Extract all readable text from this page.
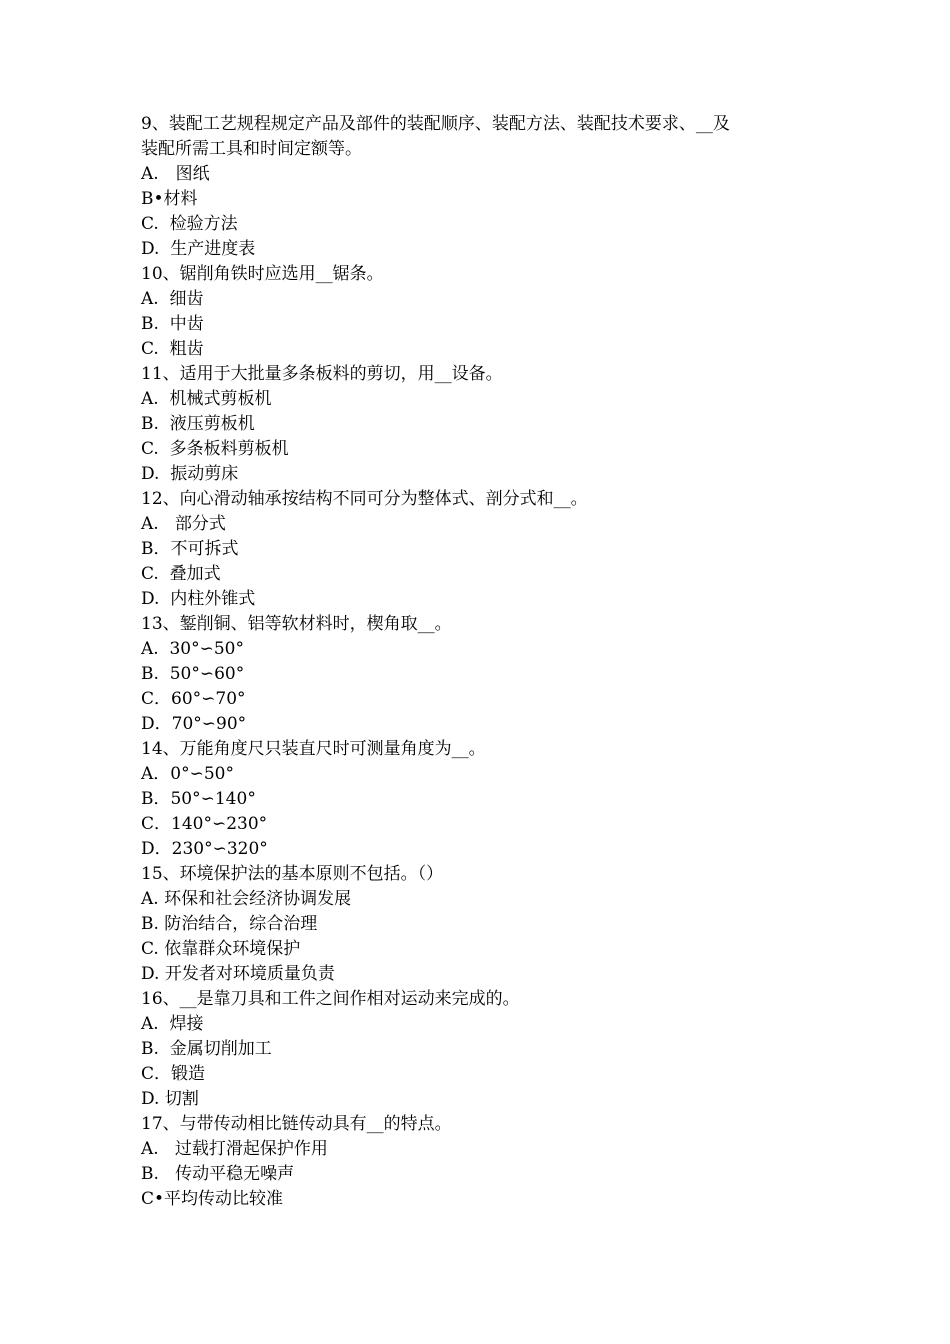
9、装配工艺规程规定产品及部件的装配顺序、装配方法、装配技术要求、__及
装配所需工具和时间定额等。
A.　图纸
B•材料
C.  检验方法
D.  生产进度表
10、锯削角铁时应选用__锯条。
A.  细齿
B.  中齿
C.  粗齿
11、适用于大批量多条板料的剪切，用__设备。
A.  机械式剪板机
B.  液压剪板机
C.  多条板料剪板机
D.  振动剪床
12、向心滑动轴承按结构不同可分为整体式、剖分式和__。
A.   部分式
B．不可拆式
C.  叠加式
D.  内柱外锥式
13、錾削铜、铝等软材料时，楔角取__。
A.  30°∽50°
B.  50°∽60°
C．60°∽70°
D．70°∽90°
14、万能角度尺只装直尺时可测量角度为__。
A．0°∽50°
B．50°∽140°
C．140°∽230°
D．230°∽320°
15、环境保护法的基本原则不包括。（）
A. 环保和社会经济协调发展
B. 防治结合，综合治理
C. 依靠群众环境保护
D. 开发者对环境质量负责
16、__是靠刀具和工件之间作相对运动来完成的。
A.  焊接
B.  金属切削加工
C．锻造
D. 切割
17、与带传动相比链传动具有__的特点。
A.   过载打滑起保护作用
B.   传动平稳无噪声
C•平均传动比较准
